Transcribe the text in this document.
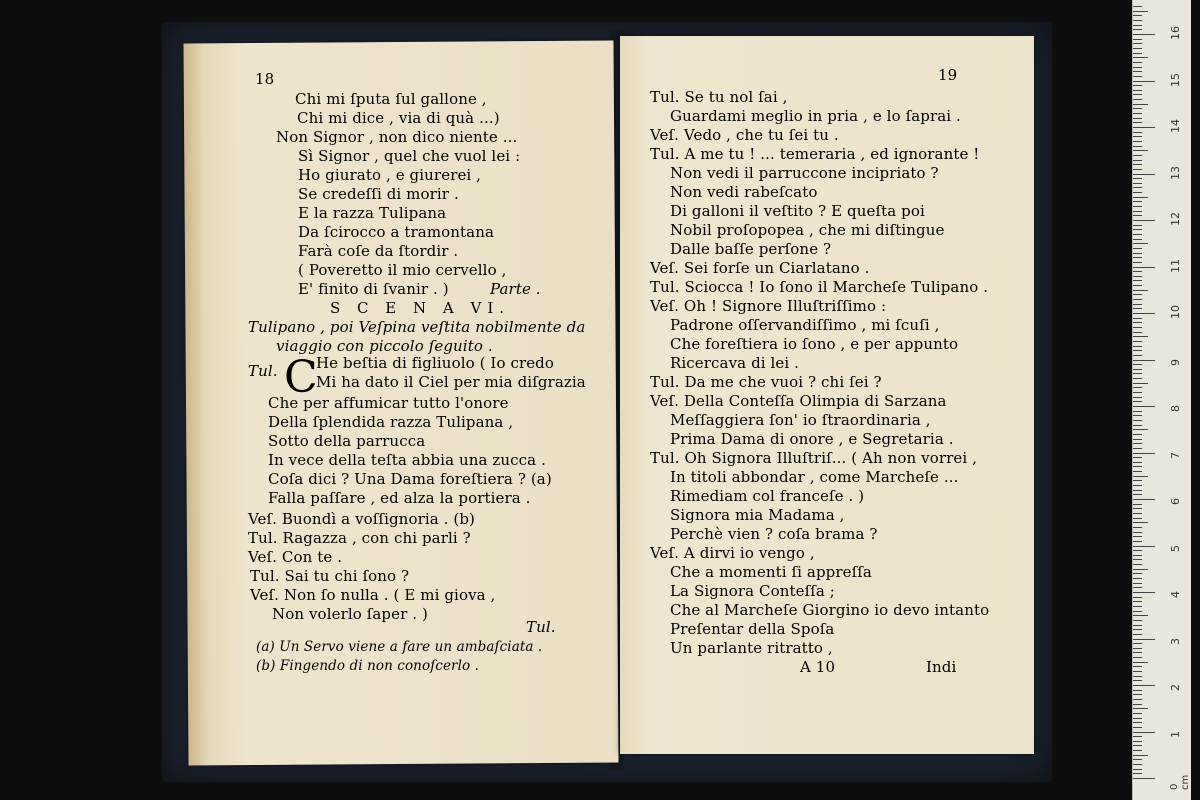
18
Chi mi ſputa ſul gallone ,
Chi mi dice , via di quà ...)
Non Signor , non dico niente ...
Sì Signor , quel che vuol lei :
Ho giurato , e giurerei ,
Se credeſſi di morir .
E la razza Tulipana
Da ſcirocco a tramontana
Farà coſe da ſtordir .
( Poveretto il mio cervello ,
E' finito di ſvanir . )	Parte .
S C E N A VI.
Tulipano , poi Veſpina veſtita nobilmente da
viaggio con piccolo ſeguito .
Tul. C
He beſtia di figliuolo ( Io credo
Mi ha dato il Ciel per mia diſgrazia
Che per affumicar tutto l'onore
Della ſplendida razza Tulipana ,
Sotto della parrucca
In vece della teſta abbia una zucca .
Coſa dici ? Una Dama foreſtiera ? (a)
Falla paſſare , ed alza la portiera .
Veſ. Buondì a voſſignoria . (b)
Tul. Ragazza , con chi parli ?
Veſ. Con te .
Tul. Sai tu chi ſono ?
Veſ. Non ſo nulla . ( E mi giova ,
Non volerlo ſaper . )
Tul.
(a) Un Servo viene a fare un ambaſciata .
(b) Fingendo di non conoſcerlo .
19
Tul. Se tu nol ſai ,
Guardami meglio in pria , e lo ſaprai .
Veſ. Vedo , che tu ſei tu .
Tul. A me tu ! ... temeraria , ed ignorante !
Non vedi il parruccone incipriato ?
Non vedi rabeſcato
Di galloni il veſtito ? E queſta poi
Nobil proſopopea , che mi diſtingue
Dalle baſſe perſone ?
Veſ. Sei forſe un Ciarlatano .
Tul. Sciocca ! Io ſono il Marcheſe Tulipano .
Veſ. Oh ! Signore Illuſtriſſimo :
Padrone oſſervandiſſimo , mi ſcuſi ,
Che foreſtiera io ſono , e per appunto
Ricercava di lei .
Tul. Da me che vuoi ? chi ſei ?
Veſ. Della Conteſſa Olimpia di Sarzana
Meſſaggiera ſon' io ſtraordinaria ,
Prima Dama di onore , e Segretaria .
Tul. Oh Signora Illuſtriſ... ( Ah non vorrei ,
In titoli abbondar , come Marcheſe ...
Rimediam col franceſe . )
Signora mia Madama ,
Perchè vien ? coſa brama ?
Veſ. A dirvi io vengo ,
Che a momenti ſi appreſſa
La Signora Conteſſa ;
Che al Marcheſe Giorgino io devo intanto
Preſentar della Spoſa
Un parlante ritratto ,
A 10	Indi
1
2
3
4
5
6
7
8
9
10
11
12
13
14
15
16
0 cm
